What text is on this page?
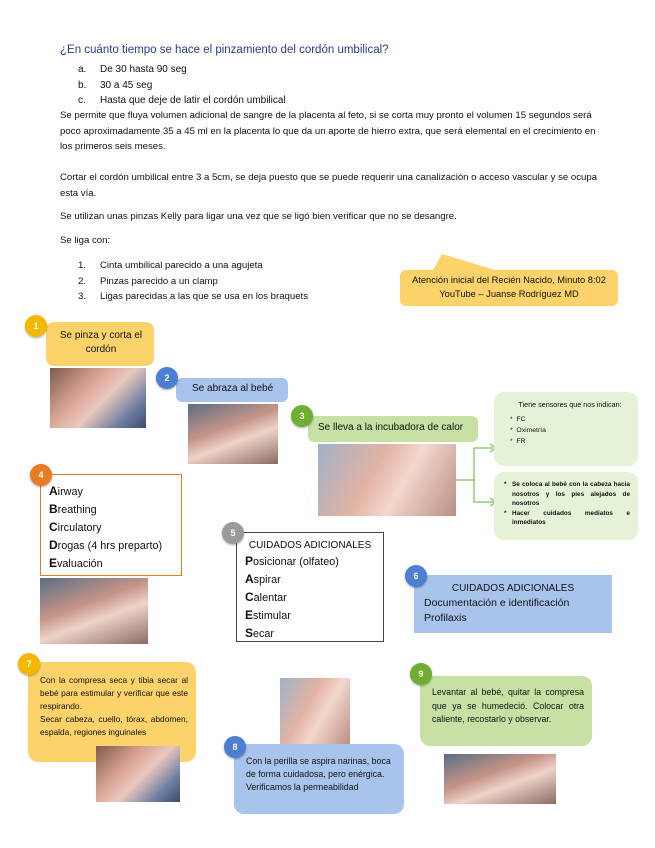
¿En cuánto tiempo se hace el pinzamiento del cordón umbilical?
a. De 30 hasta 90 seg
b. 30 a 45 seg
c. Hasta que deje de latir el cordón umbilical
Se permite que fluya volumen adicional de sangre de la placenta al feto, si se corta muy pronto el volumen 15 segundos será poco aproximadamente 35 a 45 ml en la placenta lo que da un aporte de hierro extra, que será elemental en el crecimiento en los primeros seis meses.
Cortar el cordón umbilical entre 3 a 5cm, se deja puesto que se puede requerir una canalización o acceso vascular y se ocupa esta vía.
Se utilizan unas pinzas Kelly para ligar una vez que se ligó bien verificar que no se desangre.
Se liga con:
1. Cinta umbilical parecido a una agujeta
2. Pinzas parecido a un clamp
3. Ligas parecidas a las que se usa en los braquets
Atención inicial del Recién Nacido, Minuto 8:02
YouTube – Juanse Rodríguez MD
Se pinza y corta el cordón
1
Se abraza al bebé
2
Se lleva a la incubadora de calor
3
Tiene sensores que nos indican:
*  FC
*  Oximetría
*  FR
* Se coloca al bebé con la cabeza hacia nosotros y los pies alejados de nosotros
* Hacer cuidados mediatos e inmediatos
Airway
Breathing
Circulatory
Drogas (4 hrs preparto)
Evaluación
4
CUIDADOS ADICIONALES
Posicionar (olfateo)
Aspirar
Calentar
Estimular
Secar
5
CUIDADOS ADICIONALES
Documentación e identificación
Profilaxis
6
Con la compresa seca y tibia secar al bebé para estimular y verificar que este respirando.
Secar cabeza, cuello, tórax, abdomen, espalda, regiones inguinales
7
Con la perilla se aspira narinas, boca de forma cuidadosa, pero enérgica.
Verificamos la permeabilidad
8
Levantar al bebé, quitar la compresa que ya se humedeció. Colocar otra caliente, recostarlo y observar.
9
